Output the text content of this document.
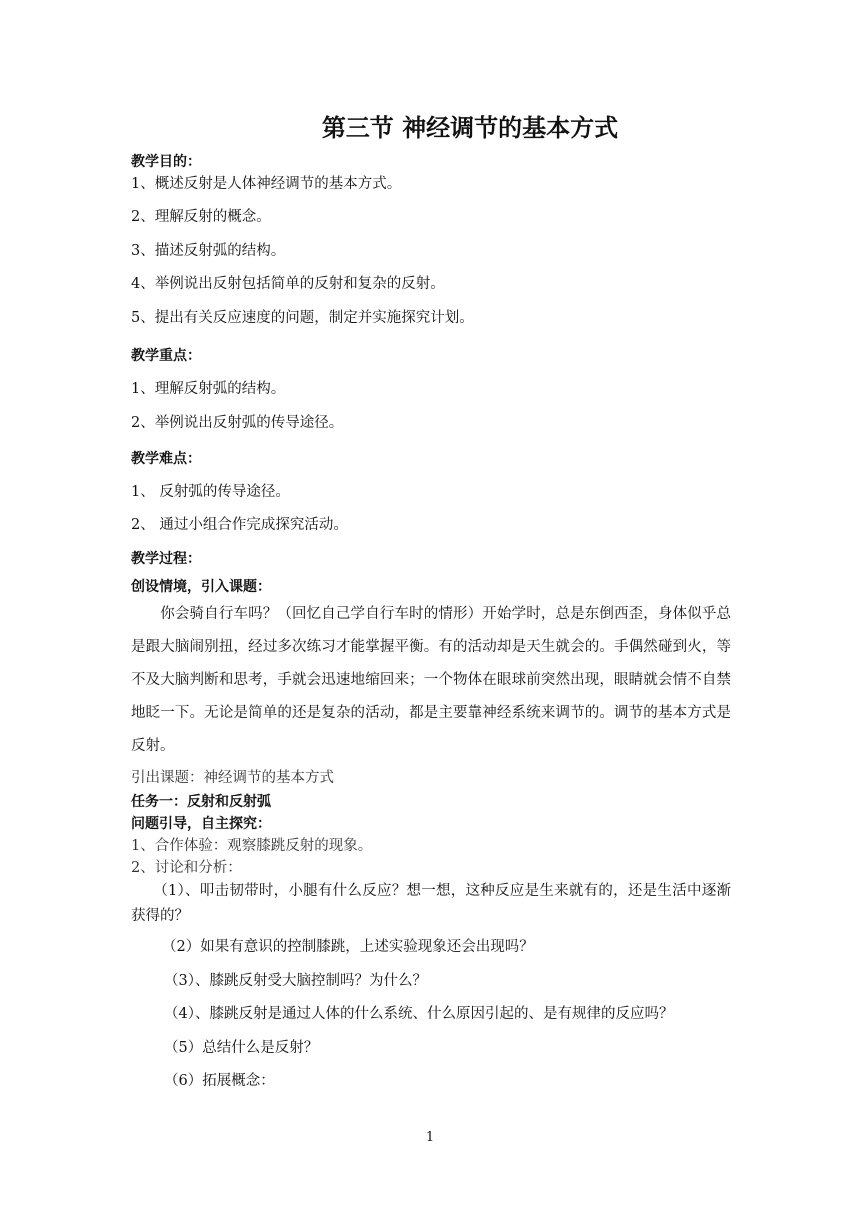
第三节 神经调节的基本方式
教学目的：
1、概述反射是人体神经调节的基本方式。
2、理解反射的概念。
3、描述反射弧的结构。
4、举例说出反射包括简单的反射和复杂的反射。
5、提出有关反应速度的问题，制定并实施探究计划。
教学重点：
1、理解反射弧的结构。
2、举例说出反射弧的传导途径。
教学难点：
1、 反射弧的传导途径。
2、 通过小组合作完成探究活动。
教学过程：
创设情境，引入课题：
　　你会骑自行车吗？（回忆自己学自行车时的情形）开始学时，总是东倒西歪，身体似乎总是跟大脑闹别扭，经过多次练习才能掌握平衡。有的活动却是天生就会的。手偶然碰到火，等不及大脑判断和思考，手就会迅速地缩回来；一个物体在眼球前突然出现，眼睛就会情不自禁地眨一下。无论是简单的还是复杂的活动，都是主要靠神经系统来调节的。调节的基本方式是反射。
引出课题：神经调节的基本方式
任务一：反射和反射弧
问题引导，自主探究：
1、合作体验：观察膝跳反射的现象。
2、讨论和分析：
　　（1）、叩击韧带时，小腿有什么反应？想一想，这种反应是生来就有的，还是生活中逐渐获得的？
（2）如果有意识的控制膝跳，上述实验现象还会出现吗？
（3）、膝跳反射受大脑控制吗？为什么？
（4）、膝跳反射是通过人体的什么系统、什么原因引起的、是有规律的反应吗？
（5）总结什么是反射？
（6）拓展概念：
1
